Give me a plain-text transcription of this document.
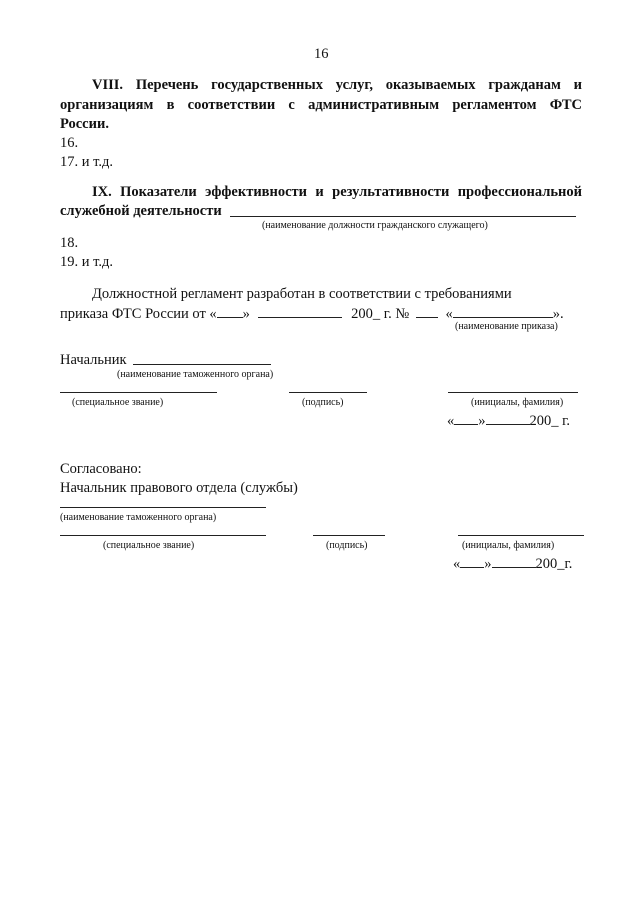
16
VIII. Перечень государственных услуг, оказываемых гражданам и
организациям в соответствии с административным регламентом ФТС
России.
16.
17. и т.д.
IX. Показатели эффективности и результативности профессиональной
служебной деятельности
(наименование должности гражданского служащего)
18.
19. и т.д.
Должностной регламент разработан в соответствии с требованиями
приказа ФТС России от « »	200_ г. №	«	».
(наименование приказа)
Начальник
(наименование таможенного органа)
(специальное звание)	(подпись)	(инициалы, фамилия)
« »	200_ г.
Согласовано:
Начальник правового отдела (службы)
(наименование таможенного органа)
(специальное звание)	(подпись)	(инициалы, фамилия)
« »	200_г.
